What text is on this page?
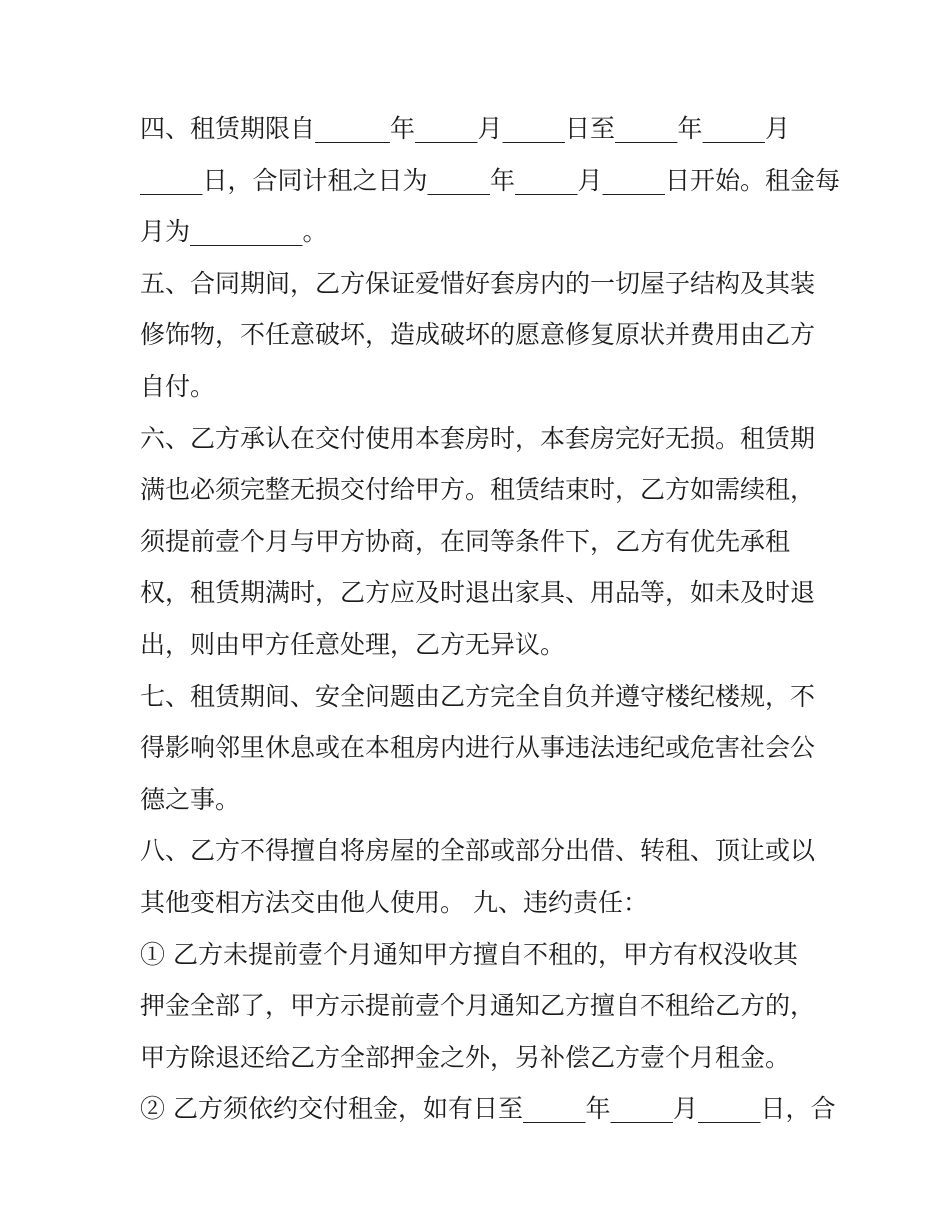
四、租赁期限自______年_____月_____日至_____年_____月
_____日，合同计租之日为_____年_____月_____日开始。租金每
月为_________。
五、合同期间，乙方保证爱惜好套房内的一切屋子结构及其装
修饰物，不任意破坏，造成破坏的愿意修复原状并费用由乙方
自付。
六、乙方承认在交付使用本套房时，本套房完好无损。租赁期
满也必须完整无损交付给甲方。租赁结束时，乙方如需续租，
须提前壹个月与甲方协商，在同等条件下，乙方有优先承租
权，租赁期满时，乙方应及时退出家具、用品等，如未及时退
出，则由甲方任意处理，乙方无异议。
七、租赁期间、安全问题由乙方完全自负并遵守楼纪楼规，不
得影响邻里休息或在本租房内进行从事违法违纪或危害社会公
德之事。
八、乙方不得擅自将房屋的全部或部分出借、转租、顶让或以
其他变相方法交由他人使用。 九、违约责任：
① 乙方未提前壹个月通知甲方擅自不租的，甲方有权没收其
押金全部了，甲方示提前壹个月通知乙方擅自不租给乙方的，
甲方除退还给乙方全部押金之外，另补偿乙方壹个月租金。
② 乙方须依约交付租金，如有日至_____年_____月_____日，合
